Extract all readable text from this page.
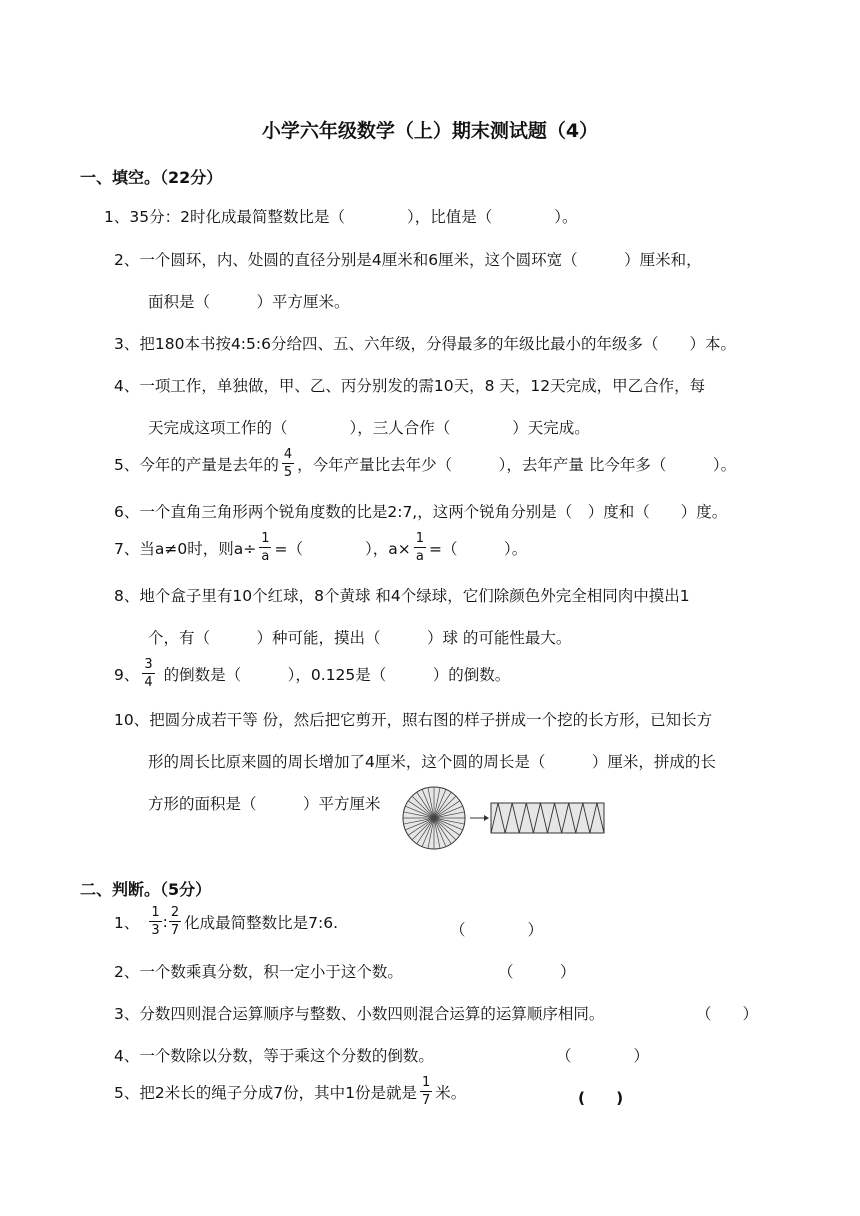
小学六年级数学（上）期末测试题（4）
一、填空。（22分）
1、35分：2时化成最简整数比是（　　　　），比值是（　　　　）。
2、一个圆环，内、处圆的直径分别是4厘米和6厘米，这个圆环宽（　　　）厘米和，
面积是（　　　）平方厘米。
3、把180本书按4:5:6分给四、五、六年级，分得最多的年级比最小的年级多（　　）本。
4、一项工作，单独做，甲、乙、丙分别发的需10天，8 天，12天完成，甲乙合作，每
天完成这项工作的（　　　　），三人合作（　　　　）天完成。
5、今年的产量是去年的 $\frac{4}{5}$ ，今年产量比去年少（　　　），去年产量 比今年多（　　　）。
6、一个直角三角形两个锐角度数的比是2:7,，这两个锐角分别是（　）度和（　　）度。
7、当a≠0时，则$a\div \frac{1}{a}$ =（　　　　），$a\times \frac{1}{a}$ =（　　　）。
8、地个盒子里有10个红球，8个黄球 和4个绿球，它们除颜色外完全相同肉中摸出1
个，有（　　　）种可能，摸出（　　　）球 的可能性最大。
9、 $\frac{3}{4}$ 的倒数是（　　　），0.125是（　　　）的倒数。
10、把圆分成若干等 份，然后把它剪开，照右图的样子拼成一个挖的长方形，已知长方
形的周长比原来圆的周长增加了4厘米，这个圆的周长是（　　　）厘米，拼成的长
方形的面积是（　　　）平方厘米
二、判断。（5分）
1、 $\frac{1}{3}$ : $\frac{2}{7}$ 化成最简整数比是7:6.	（　　　　）
2、一个数乘真分数，积一定小于这个数。	（　　　）
3、分数四则混合运算顺序与整数、小数四则混合运算的运算顺序相同。	（　　）
4、一个数除以分数，等于乘这个分数的倒数。	（　　　　）
5、把2米长的绳子分成7份，其中1份是就是 $\frac{1}{7}$ 米。	(　　)
